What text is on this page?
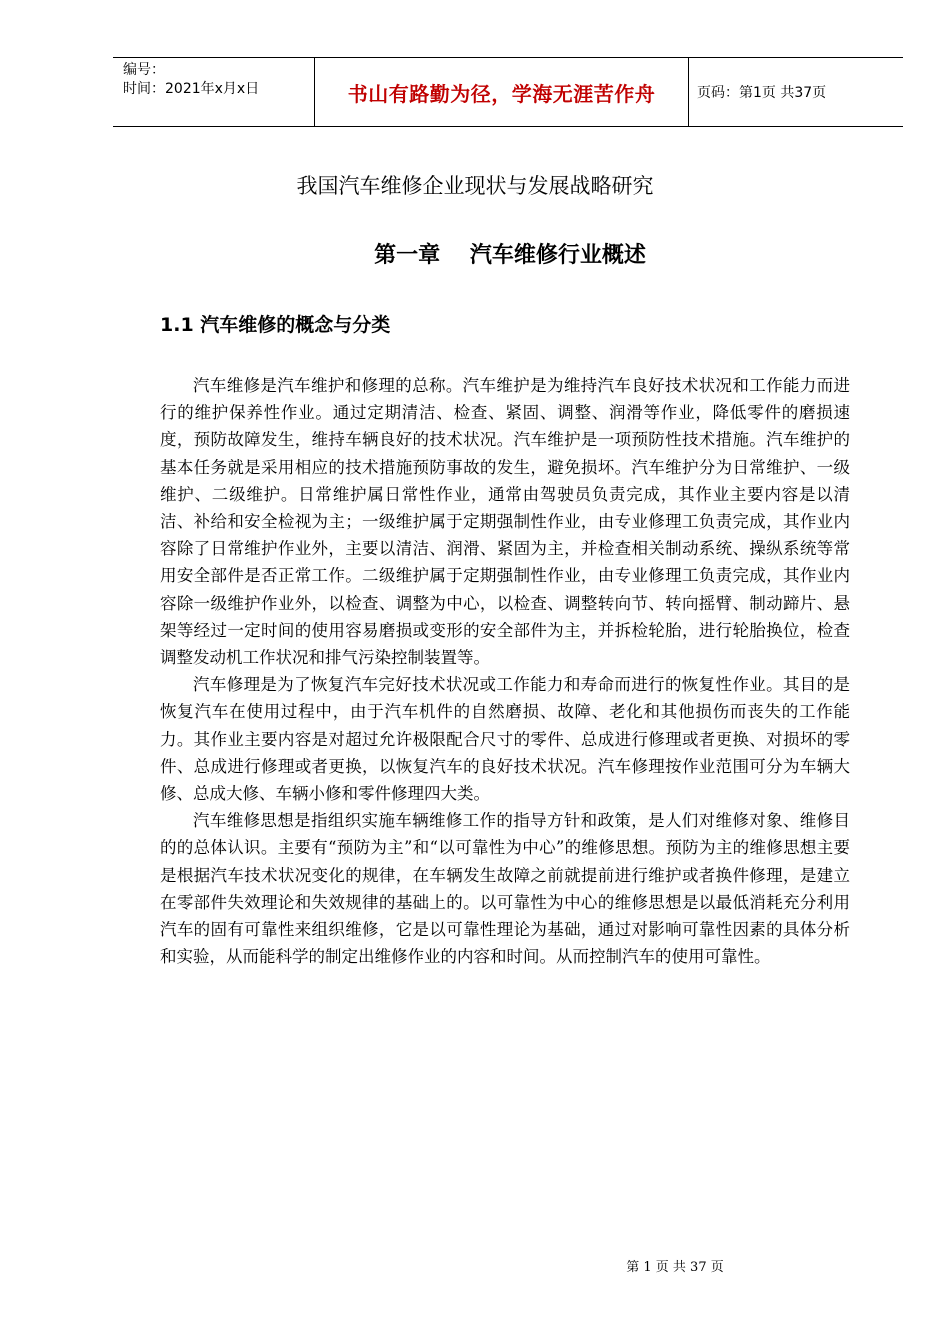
编号：
时间：2021年x月x日	书山有路勤为径，学海无涯苦作舟	页码：第1页 共37页
我国汽车维修企业现状与发展战略研究
第一章 汽车维修行业概述
1.1 汽车维修的概念与分类

汽车维修是汽车维护和修理的总称。汽车维护是为维持汽车良好技术状况和工作能力而进行的维护保养性作业。通过定期清洁、检查、紧固、调整、润滑等作业，降低零件的磨损速度，预防故障发生，维持车辆良好的技术状况。汽车维护是一项预防性技术措施。汽车维护的基本任务就是采用相应的技术措施预防事故的发生，避免损坏。汽车维护分为日常维护、一级维护、二级维护。日常维护属日常性作业，通常由驾驶员负责完成，其作业主要内容是以清洁、补给和安全检视为主；一级维护属于定期强制性作业，由专业修理工负责完成，其作业内容除了日常维护作业外，主要以清洁、润滑、紧固为主，并检查相关制动系统、操纵系统等常用安全部件是否正常工作。二级维护属于定期强制性作业，由专业修理工负责完成，其作业内容除一级维护作业外，以检查、调整为中心，以检查、调整转向节、转向摇臂、制动蹄片、悬架等经过一定时间的使用容易磨损或变形的安全部件为主，并拆检轮胎，进行轮胎换位，检查调整发动机工作状况和排气污染控制装置等。

汽车修理是为了恢复汽车完好技术状况或工作能力和寿命而进行的恢复性作业。其目的是恢复汽车在使用过程中，由于汽车机件的自然磨损、故障、老化和其他损伤而丧失的工作能力。其作业主要内容是对超过允许极限配合尺寸的零件、总成进行修理或者更换、对损坏的零件、总成进行修理或者更换，以恢复汽车的良好技术状况。汽车修理按作业范围可分为车辆大修、总成大修、车辆小修和零件修理四大类。

汽车维修思想是指组织实施车辆维修工作的指导方针和政策，是人们对维修对象、维修目的的总体认识。主要有“预防为主”和“以可靠性为中心”的维修思想。预防为主的维修思想主要是根据汽车技术状况变化的规律，在车辆发生故障之前就提前进行维护或者换件修理，是建立在零部件失效理论和失效规律的基础上的。以可靠性为中心的维修思想是以最低消耗充分利用汽车的固有可靠性来组织维修，它是以可靠性理论为基础，通过对影响可靠性因素的具体分析和实验，从而能科学的制定出维修作业的内容和时间。从而控制汽车的使用可靠性。

第 1 页 共 37 页
